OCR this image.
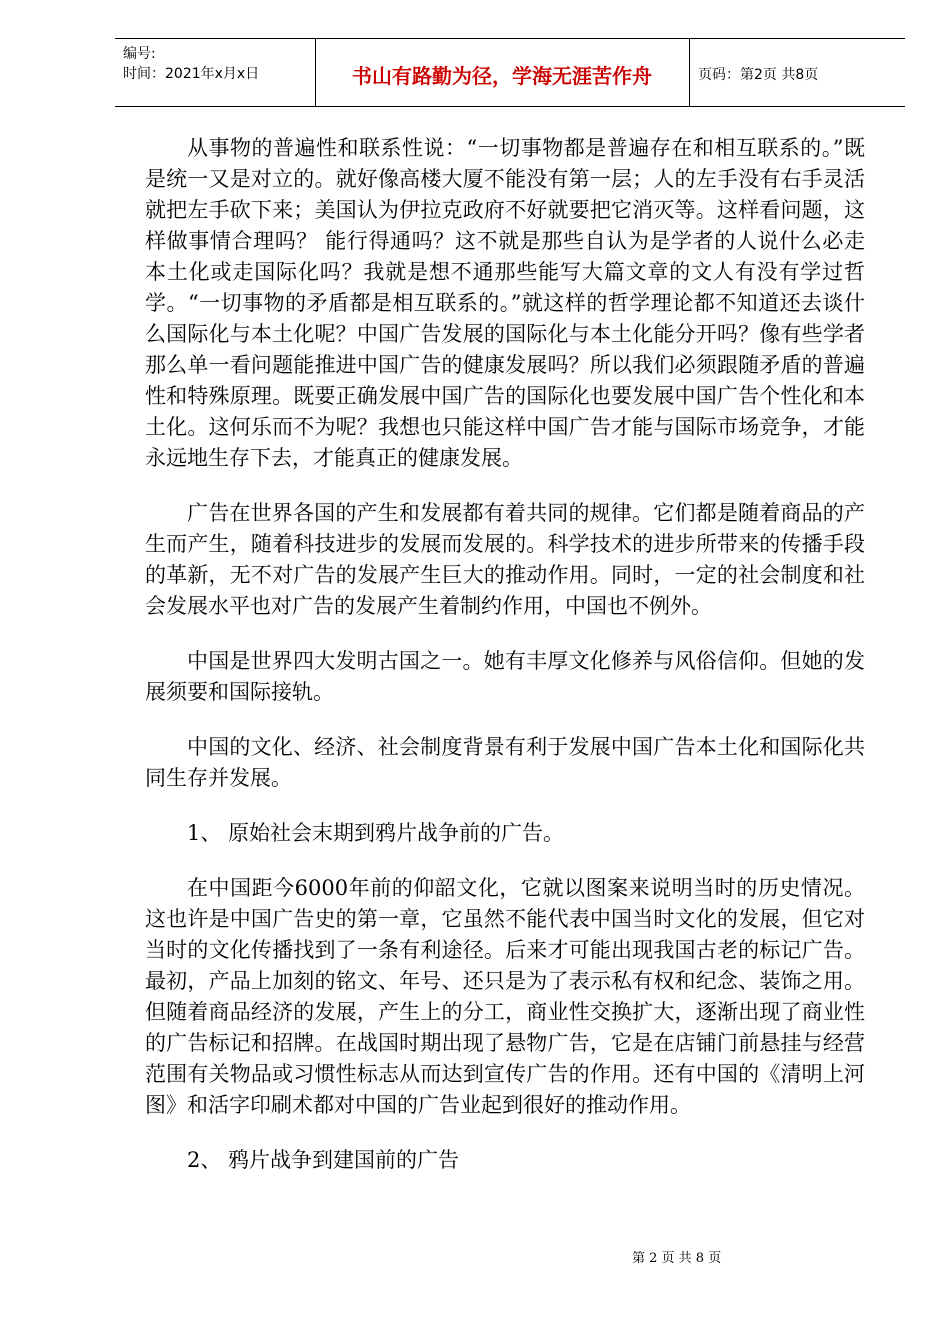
编号:
时间：2021年x月x日	书山有路勤为径，学海无涯苦作舟	页码：第2页 共8页

从事物的普遍性和联系性说：“一切事物都是普遍存在和相互联系的。”既是统一又是对立的。就好像高楼大厦不能没有第一层；人的左手没有右手灵活就把左手砍下来；美国认为伊拉克政府不好就要把它消灭等。这样看问题，这样做事情合理吗？ 能行得通吗？这不就是那些自认为是学者的人说什么必走本土化或走国际化吗？我就是想不通那些能写大篇文章的文人有没有学过哲学。“一切事物的矛盾都是相互联系的。”就这样的哲学理论都不知道还去谈什么国际化与本土化呢？中国广告发展的国际化与本土化能分开吗？像有些学者那么单一看问题能推进中国广告的健康发展吗？所以我们必须跟随矛盾的普遍性和特殊原理。既要正确发展中国广告的国际化也要发展中国广告个性化和本土化。这何乐而不为呢？我想也只能这样中国广告才能与国际市场竞争，才能永远地生存下去，才能真正的健康发展。

广告在世界各国的产生和发展都有着共同的规律。它们都是随着商品的产生而产生，随着科技进步的发展而发展的。科学技术的进步所带来的传播手段的革新，无不对广告的发展产生巨大的推动作用。同时，一定的社会制度和社会发展水平也对广告的发展产生着制约作用，中国也不例外。

中国是世界四大发明古国之一。她有丰厚文化修养与风俗信仰。但她的发展须要和国际接轨。

中国的文化、经济、社会制度背景有利于发展中国广告本土化和国际化共同生存并发展。

1、 原始社会末期到鸦片战争前的广告。

在中国距今6000年前的仰韶文化，它就以图案来说明当时的历史情况。这也许是中国广告史的第一章，它虽然不能代表中国当时文化的发展，但它对当时的文化传播找到了一条有利途径。后来才可能出现我国古老的标记广告。最初，产品上加刻的铭文、年号、还只是为了表示私有权和纪念、装饰之用。但随着商品经济的发展，产生上的分工，商业性交换扩大，逐渐出现了商业性的广告标记和招牌。在战国时期出现了悬物广告，它是在店铺门前悬挂与经营范围有关物品或习惯性标志从而达到宣传广告的作用。还有中国的《清明上河图》和活字印刷术都对中国的广告业起到很好的推动作用。

2、 鸦片战争到建国前的广告

第 2 页 共 8 页
